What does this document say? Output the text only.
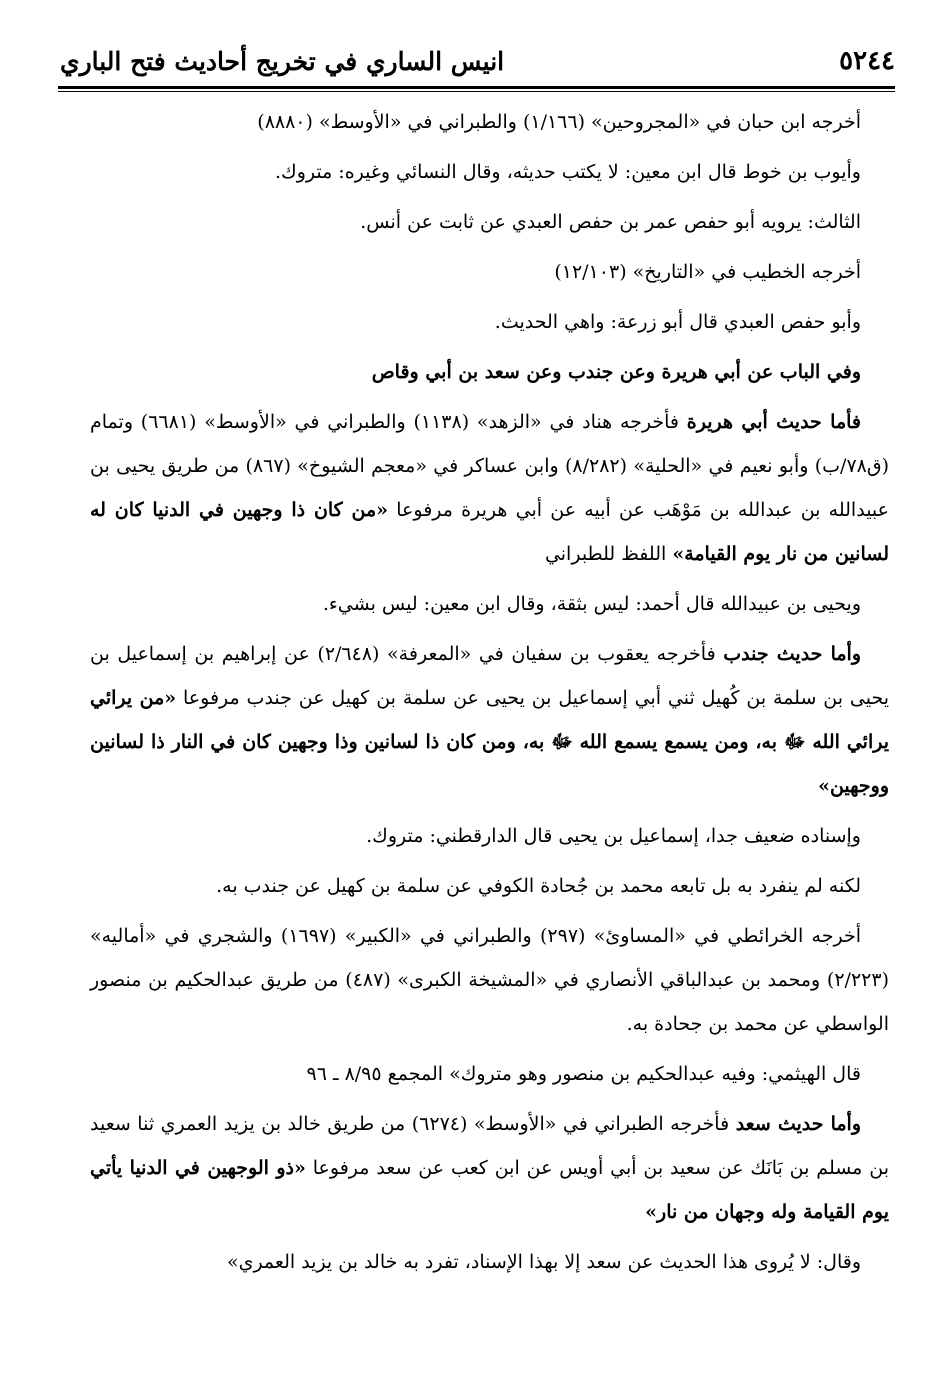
٥٢٤٤
انيس الساري في تخريج أحاديث فتح الباري

أخرجه ابن حبان في «المجروحين» (١/١٦٦) والطبراني في «الأوسط» (٨٨٨٠)

وأيوب بن خوط قال ابن معين: لا يكتب حديثه، وقال النسائي وغيره: متروك.

الثالث: يرويه أبو حفص عمر بن حفص العبدي عن ثابت عن أنس.

أخرجه الخطيب في «التاريخ» (١٢/١٠٣)

وأبو حفص العبدي قال أبو زرعة: واهي الحديث.

وفي الباب عن أبي هريرة وعن جندب وعن سعد بن أبي وقاص

فأما حديث أبي هريرة فأخرجه هناد في «الزهد» (١١٣٨) والطبراني في «الأوسط» (٦٦٨١) وتمام (ق٧٨/ب) وأبو نعيم في «الحلية» (٨/٢٨٢) وابن عساكر في «معجم الشيوخ» (٨٦٧) من طريق يحيى بن عبيدالله بن عبدالله بن مَوْهَب عن أبيه عن أبي هريرة مرفوعا «من كان ذا وجهين في الدنيا كان له لسانين من نار يوم القيامة» اللفظ للطبراني

ويحيى بن عبيدالله قال أحمد: ليس بثقة، وقال ابن معين: ليس بشيء.

وأما حديث جندب فأخرجه يعقوب بن سفيان في «المعرفة» (٢/٦٤٨) عن إبراهيم بن إسماعيل بن يحيى بن سلمة بن كُهيل ثني أبي إسماعيل بن يحيى عن سلمة بن كهيل عن جندب مرفوعا «من يرائي يرائي الله ﷻ به، ومن يسمع يسمع الله ﷻ به، ومن كان ذا لسانين وذا وجهين كان في النار ذا لسانين ووجهين»

وإسناده ضعيف جدا، إسماعيل بن يحيى قال الدارقطني: متروك.

لكنه لم ينفرد به بل تابعه محمد بن جُحادة الكوفي عن سلمة بن كهيل عن جندب به.

أخرجه الخرائطي في «المساوئ» (٢٩٧) والطبراني في «الكبير» (١٦٩٧) والشجري في «أماليه» (٢/٢٢٣) ومحمد بن عبدالباقي الأنصاري في «المشيخة الكبرى» (٤٨٧) من طريق عبدالحكيم بن منصور الواسطي عن محمد بن جحادة به.

قال الهيثمي: وفيه عبدالحكيم بن منصور وهو متروك» المجمع ٨/٩٥ ـ ٩٦

وأما حديث سعد فأخرجه الطبراني في «الأوسط» (٦٢٧٤) من طريق خالد بن يزيد العمري ثنا سعيد بن مسلم بن بَانَك عن سعيد بن أبي أويس عن ابن كعب عن سعد مرفوعا «ذو الوجهين في الدنيا يأتي يوم القيامة وله وجهان من نار»

وقال: لا يُروى هذا الحديث عن سعد إلا بهذا الإسناد، تفرد به خالد بن يزيد العمري»
